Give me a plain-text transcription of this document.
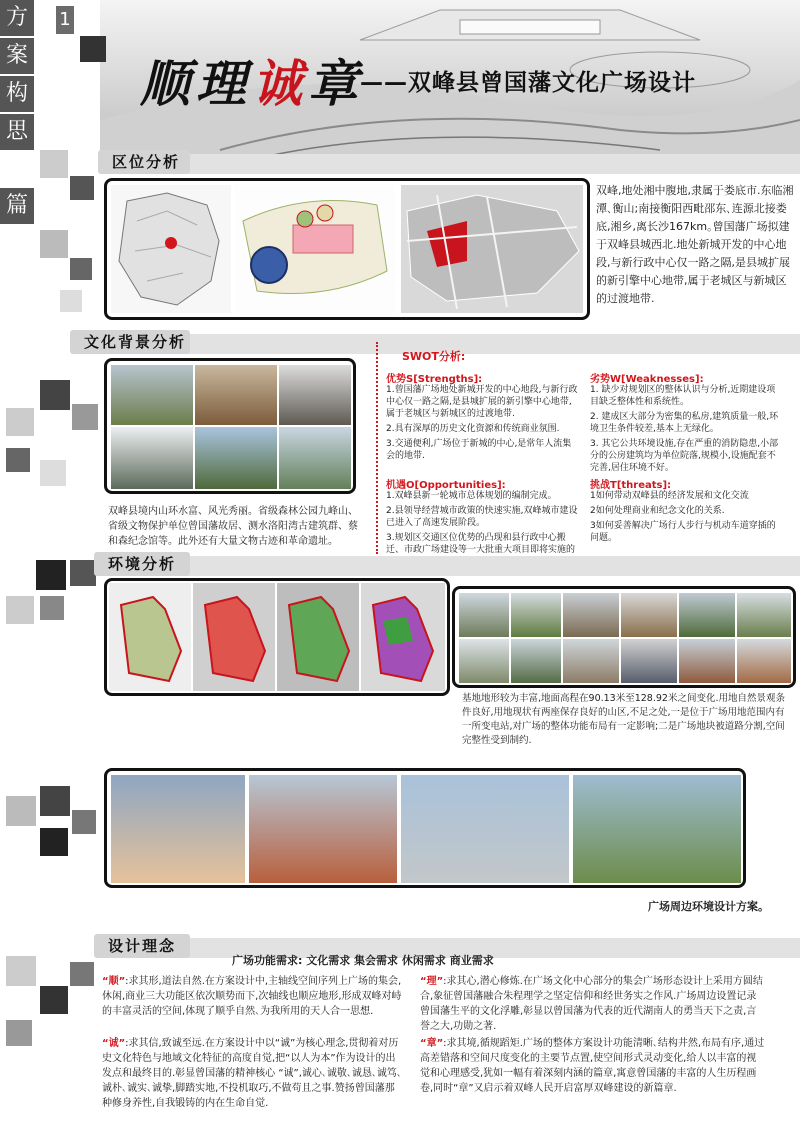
顺理诚章
——双峰县曾国藩文化广场设计
1
方
案
构
思
篇
区位分析
双峰,地处湘中腹地,隶属于娄底市.东临湘潭､衡山;南接衡阳西毗邵东､连源北接娄底,湘乡,离长沙167km｡曾国藩广场拟建于双峰县城西北.地处新城开发的中心地段,与新行政中心仅一路之隔,是县城扩展的新引擎中心地带,属于老城区与新城区的过渡地带.
文化背景分析
双峰县境内山环水富、风光秀丽。省级森林公园九峰山、省级文物保护单位曾国藩故居、测水洛阳湾古建筑群、蔡和森纪念馆等。此外还有大量文物古迹和革命遗址。
SWOT分析:
优势S[Strengths]:
1.曾国藩广场地处新城开发的中心地段,与新行政中心仅一路之隔,是县城扩展的新引擎中心地带,属于老城区与新城区的过渡地带.
2.具有深厚的历史文化资源和传统商业氛围.
3.交通便利,广场位于新城的中心,是常年人流集会的地带.
机遇O[Opportunities]:
1.双峰县新一轮城市总体规划的编制完成。
2.县领导经营城市政策的快速实施,双峰城市建设已进入了高速发展阶段。
3.规划区交通区位优势的凸现和县行政中心搬迁、市政广场建设等一大批重大项目即将实施的
劣势W[Weaknesses]:
1. 缺少对规划区的整体认识与分析,近期建设项目缺乏整体性和系统性。
2. 建成区大部分为密集的私房,建筑质量一般,环境卫生条件较差,基本上无绿化。
3. 其它公共环境设施,存在严重的消防隐患,小部分的公房建筑均为单位院落,规模小,设施配套不完善,居住环境不好。
挑战T[threats]:
1如何带动双峰县的经济发展和文化交流
2如何处理商业和纪念文化的关系.
3如何妥善解决广场行人步行与机动车道穿插的问题。
环境分析
基地地形较为丰富,地面高程在90.13米至128.92米之间变化.用地自然景观条件良好,用地现状有两座保存良好的山区,不足之处,一是位于广场用地范围内有一所变电站,对广场的整体功能布局有一定影响;二是广场地块被道路分割,空间完整性受到制约.
广场周边环境设计方案。
设计理念
广场功能需求: 文化需求 集会需求 休闲需求 商业需求
“顺”:求其形,道法自然.在方案设计中,主轴线空间序列上广场的集会,休闲,商业三大功能区依次顺势而下,次轴线也顺应地形,形成双峰对峙的丰富灵活的空间,体现了顺乎自然､为我所用的天人合一思想.
“理”:求其心,潜心修炼.在广场文化中心部分的集会广场形态设计上采用方圆结合,象征曾国藩融合朱程理学之坚定信仰和经世务实之作风.广场周边设置记录曾国藩生平的文化浮雕,彰显以曾国藩为代表的近代湖南人的勇当天下之责,言誉之大,功勋之著.
“诚”:求其信,致诚至远.在方案设计中以“诚”为核心理念,贯彻着对历史文化特色与地域文化特征的高度自觉,把“以人为本”作为设计的出发点和最终目的.彰显曾国藩的精神核心 “诚”,诚心､诚敬､诚恳､诚笃､诚朴､诚实､诚挚,脚踏实地,不投机取巧,不做苟且之事.赞扬曾国藩那种修身养性,自我锻铸的内在生命自觉.
“章”:求其境,循规蹈矩.广场的整体方案设计功能清晰､结构井然,布局有序,通过高差错落和空间尺度变化的主要节点置,使空间形式灵动变化,给人以丰富的视觉和心理感受,犹如一幅有着深刻内涵的篇章,寓意曾国藩的丰富的人生历程画卷,同时“章”又启示着双峰人民开启富厚双峰建设的新篇章.
